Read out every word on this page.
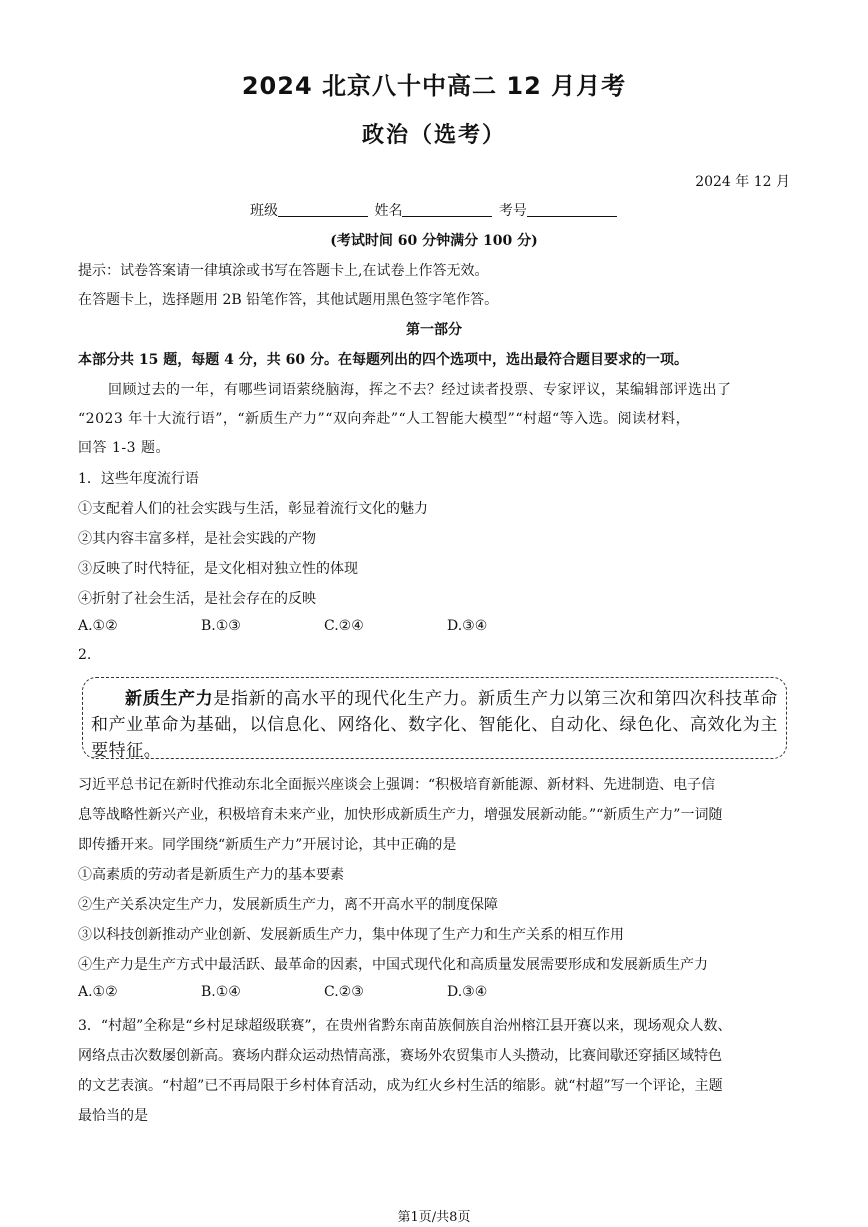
2024 北京八十中高二 12 月月考
政治（选考）
2024 年 12 月
班级	姓名	考号
(考试时间 60 分钟满分 100 分)
提示：试卷答案请一律填涂或书写在答题卡上,在试卷上作答无效。
在答题卡上，选择题用 2B 铅笔作答，其他试题用黑色签字笔作答。
第一部分
本部分共 15 题，每题 4 分，共 60 分。在每题列出的四个选项中，选出最符合题目要求的一项。
回顾过去的一年，有哪些词语萦绕脑海，挥之不去？经过读者投票、专家评议，某编辑部评选出了
“2023 年十大流行语”，“新质生产力”“双向奔赴”“人工智能大模型”“村超“等入选。阅读材料，
回答 1-3 题。
1．这些年度流行语
①支配着人们的社会实践与生活，彰显着流行文化的魅力
②其内容丰富多样，是社会实践的产物
③反映了时代特征，是文化相对独立性的体现
④折射了社会生活，是社会存在的反映
A.①②	B.①③	C.②④	D.③④
2.

新质生产力是指新的高水平的现代化生产力。新质生产力以第三次和第四次科技革命和产业革命为基础，以信息化、网络化、数字化、智能化、自动化、绿色化、高效化为主要特征。

习近平总书记在新时代推动东北全面振兴座谈会上强调：“积极培育新能源、新材料、先进制造、电子信
息等战略性新兴产业，积极培育未来产业，加快形成新质生产力，增强发展新动能。”“新质生产力”一词随
即传播开来。同学围绕“新质生产力”开展讨论，其中正确的是
①高素质的劳动者是新质生产力的基本要素
②生产关系决定生产力，发展新质生产力，离不开高水平的制度保障
③以科技创新推动产业创新、发展新质生产力，集中体现了生产力和生产关系的相互作用
④生产力是生产方式中最活跃、最革命的因素，中国式现代化和高质量发展需要形成和发展新质生产力
A.①②	B.①④	C.②③	D.③④
3．“村超”全称是“乡村足球超级联赛”，在贵州省黔东南苗族侗族自治州榕江县开赛以来，现场观众人数、
网络点击次数屡创新高。赛场内群众运动热情高涨，赛场外农贸集市人头攒动，比赛间歇还穿插区域特色
的文艺表演。“村超”已不再局限于乡村体育活动，成为红火乡村生活的缩影。就“村超”写一个评论，主题
最恰当的是
第1页/共8页
